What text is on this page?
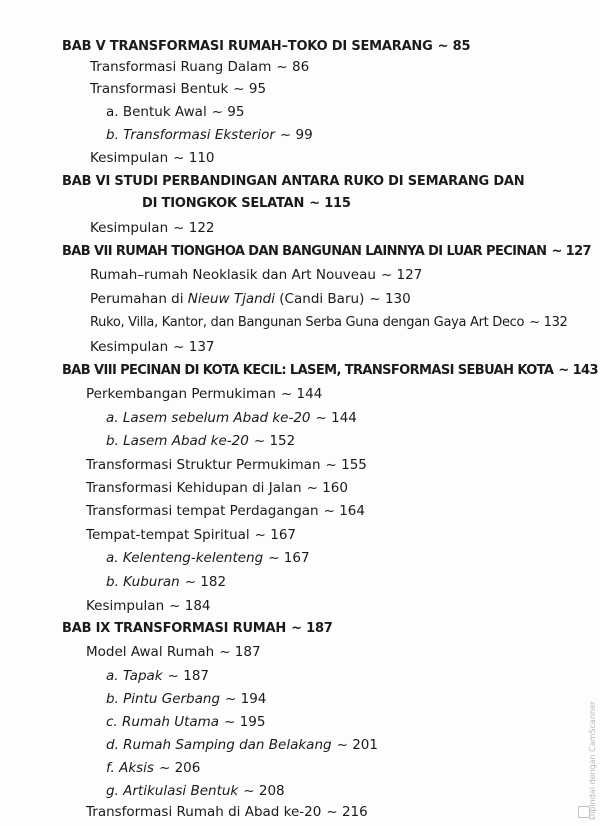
BAB V TRANSFORMASI RUMAH–TOKO DI SEMARANG ~ 85
Transformasi Ruang Dalam ~ 86
Transformasi Bentuk ~ 95
a. Bentuk Awal ~ 95
b. Transformasi Eksterior ~ 99
Kesimpulan ~ 110
BAB VI STUDI PERBANDINGAN ANTARA RUKO DI SEMARANG DAN
DI TIONGKOK SELATAN ~ 115
Kesimpulan ~ 122
BAB VII RUMAH TIONGHOA DAN BANGUNAN LAINNYA DI LUAR PECINAN ~ 127
Rumah–rumah Neoklasik dan Art Nouveau ~ 127
Perumahan di Nieuw Tjandi (Candi Baru) ~ 130
Ruko, Villa, Kantor, dan Bangunan Serba Guna dengan Gaya Art Deco ~ 132
Kesimpulan ~ 137
BAB VIII PECINAN DI KOTA KECIL: LASEM, TRANSFORMASI SEBUAH KOTA ~ 143
Perkembangan Permukiman ~ 144
a. Lasem sebelum Abad ke-20 ~ 144
b. Lasem Abad ke-20 ~ 152
Transformasi Struktur Permukiman ~ 155
Transformasi Kehidupan di Jalan ~ 160
Transformasi tempat Perdagangan ~ 164
Tempat-tempat Spiritual ~ 167
a. Kelenteng-kelenteng ~ 167
b. Kuburan ~ 182
Kesimpulan ~ 184
BAB IX TRANSFORMASI RUMAH ~ 187
Model Awal Rumah ~ 187
a. Tapak ~ 187
b. Pintu Gerbang ~ 194
c. Rumah Utama ~ 195
d. Rumah Samping dan Belakang ~ 201
f. Aksis ~ 206
g. Artikulasi Bentuk ~ 208
Transformasi Rumah di Abad ke-20 ~ 216	Dipindai dengan CamScanner
